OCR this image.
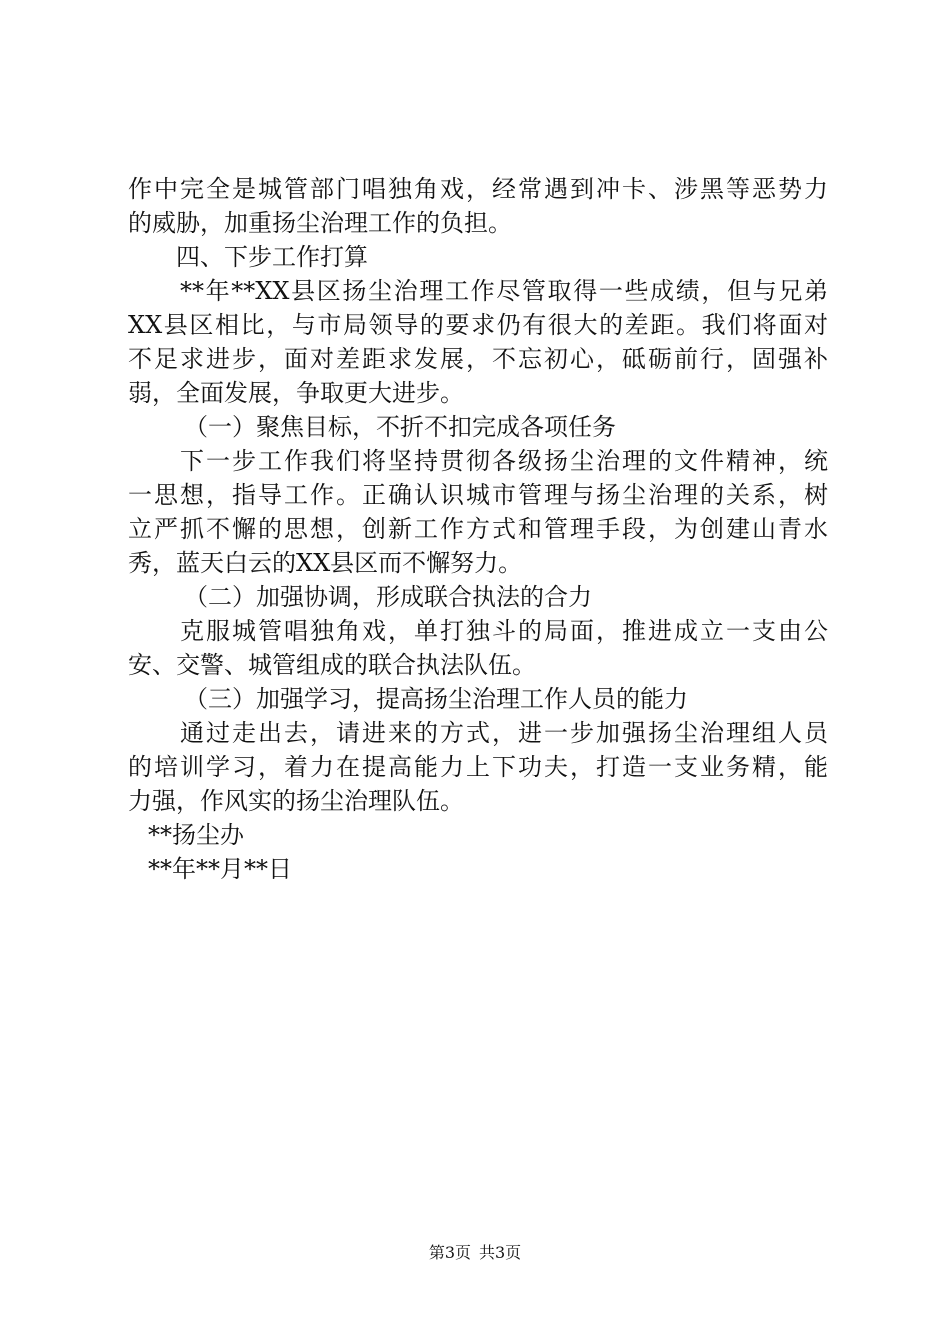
作中完全是城管部门唱独角戏，经常遇到冲卡、涉黑等恶势力
的威胁，加重扬尘治理工作的负担。
四、下步工作打算
**年**XX县区扬尘治理工作尽管取得一些成绩，但与兄弟
XX县区相比，与市局领导的要求仍有很大的差距。我们将面对
不足求进步，面对差距求发展，不忘初心，砥砺前行，固强补
弱，全面发展，争取更大进步。
（一）聚焦目标，不折不扣完成各项任务
下一步工作我们将坚持贯彻各级扬尘治理的文件精神，统
一思想，指导工作。正确认识城市管理与扬尘治理的关系，树
立严抓不懈的思想，创新工作方式和管理手段，为创建山青水
秀，蓝天白云的XX县区而不懈努力。
（二）加强协调，形成联合执法的合力
克服城管唱独角戏，单打独斗的局面，推进成立一支由公
安、交警、城管组成的联合执法队伍。
（三）加强学习，提高扬尘治理工作人员的能力
通过走出去，请进来的方式，进一步加强扬尘治理组人员
的培训学习，着力在提高能力上下功夫，打造一支业务精，能
力强，作风实的扬尘治理队伍。
**扬尘办
**年**月**日
第3页 共3页
